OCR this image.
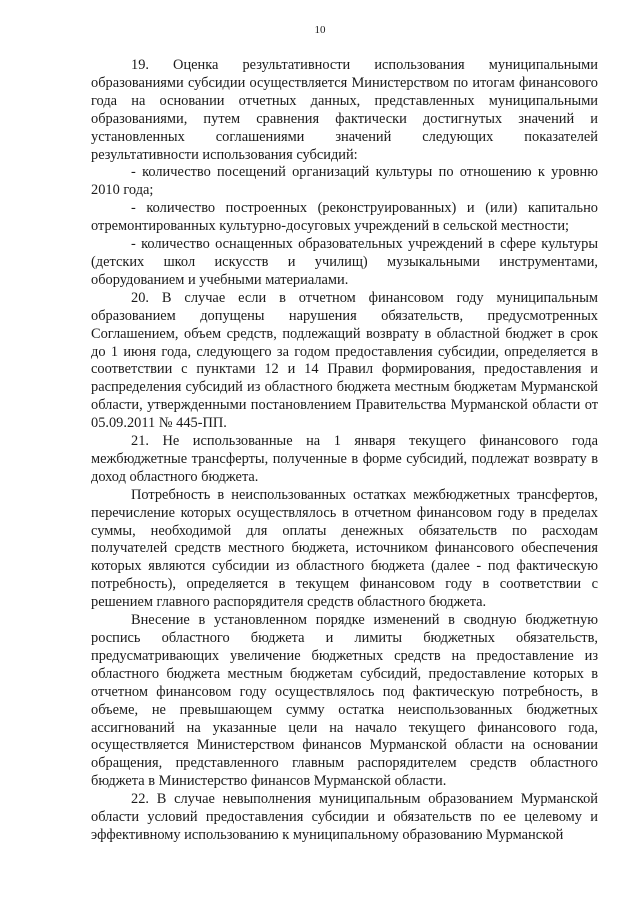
10

19. Оценка результативности использования муниципальными образованиями субсидии осуществляется Министерством по итогам финансового года на основании отчетных данных, представленных муниципальными образованиями, путем сравнения фактически достигнутых значений и установленных соглашениями значений следующих показателей результативности использования субсидий:

- количество посещений организаций культуры по отношению к уровню 2010 года;

- количество построенных (реконструированных) и (или) капитально отремонтированных культурно-досуговых учреждений в сельской местности;

- количество оснащенных образовательных учреждений в сфере культуры (детских школ искусств и училищ) музыкальными инструментами, оборудованием и учебными материалами.

20. В случае если в отчетном финансовом году муниципальным образованием допущены нарушения обязательств, предусмотренных Соглашением, объем средств, подлежащий возврату в областной бюджет в срок до 1 июня года, следующего за годом предоставления субсидии, определяется в соответствии с пунктами 12 и 14 Правил формирования, предоставления и распределения субсидий из областного бюджета местным бюджетам Мурманской области, утвержденными постановлением Правительства Мурманской области от 05.09.2011 № 445-ПП.

21. Не использованные на 1 января текущего финансового года межбюджетные трансферты, полученные в форме субсидий, подлежат возврату в доход областного бюджета.

Потребность в неиспользованных остатках межбюджетных трансфертов, перечисление которых осуществлялось в отчетном финансовом году в пределах суммы, необходимой для оплаты денежных обязательств по расходам получателей средств местного бюджета, источником финансового обеспечения которых являются субсидии из областного бюджета (далее - под фактическую потребность), определяется в текущем финансовом году в соответствии с решением главного распорядителя средств областного бюджета.

Внесение в установленном порядке изменений в сводную бюджетную роспись областного бюджета и лимиты бюджетных обязательств, предусматривающих увеличение бюджетных средств на предоставление из областного бюджета местным бюджетам субсидий, предоставление которых в отчетном финансовом году осуществлялось под фактическую потребность, в объеме, не превышающем сумму остатка неиспользованных бюджетных ассигнований на указанные цели на начало текущего финансового года, осуществляется Министерством финансов Мурманской области на основании обращения, представленного главным распорядителем средств областного бюджета в Министерство финансов Мурманской области.

22. В случае невыполнения муниципальным образованием Мурманской области условий предоставления субсидии и обязательств по ее целевому и эффективному использованию к муниципальному образованию Мурманской
